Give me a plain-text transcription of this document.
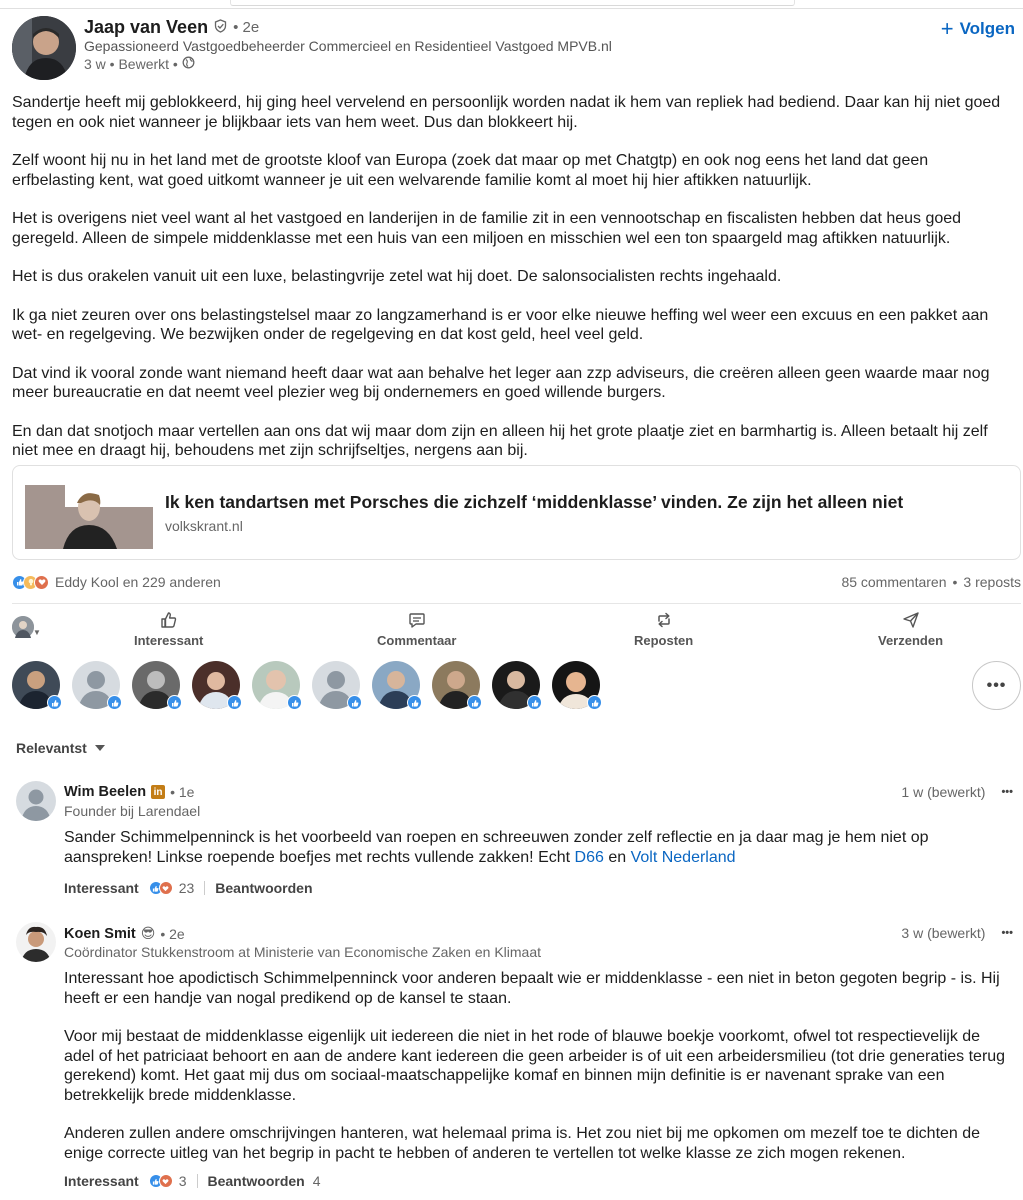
Jaap van Veen • 2e
Gepassioneerd Vastgoedbeheerder Commercieel en Residentieel Vastgoed MPVB.nl
3 w • Bewerkt •
+ Volgen

Sandertje heeft mij geblokkeerd, hij ging heel vervelend en persoonlijk worden nadat ik hem van repliek had bediend. Daar kan hij niet goed tegen en ook niet wanneer je blijkbaar iets van hem weet. Dus dan blokkeert hij.

Zelf woont hij nu in het land met de grootste kloof van Europa (zoek dat maar op met Chatgtp) en ook nog eens het land dat geen erfbelasting kent, wat goed uitkomt wanneer je uit een welvarende familie komt al moet hij hier aftikken natuurlijk.

Het is overigens niet veel want al het vastgoed en landerijen in de familie zit in een vennootschap en fiscalisten hebben dat heus goed geregeld. Alleen de simpele middenklasse met een huis van een miljoen en misschien wel een ton spaargeld mag aftikken natuurlijk.

Het is dus orakelen vanuit uit een luxe, belastingvrije zetel wat hij doet. De salonsocialisten rechts ingehaald.

Ik ga niet zeuren over ons belastingstelsel maar zo langzamerhand is er voor elke nieuwe heffing wel weer een excuus en een pakket aan wet- en regelgeving. We bezwijken onder de regelgeving en dat kost geld, heel veel geld.

Dat vind ik vooral zonde want niemand heeft daar wat aan behalve het leger aan zzp adviseurs, die creëren alleen geen waarde maar nog meer bureaucratie en dat neemt veel plezier weg bij ondernemers en goed willende burgers.

En dan dat snotjoch maar vertellen aan ons dat wij maar dom zijn en alleen hij het grote plaatje ziet en barmhartig is. Alleen betaalt hij zelf niet mee en draagt hij, behoudens met zijn schrijfseltjes, nergens aan bij.

Ik ken tandartsen met Porsches die zichzelf ‘middenklasse’ vinden. Ze zijn het alleen niet
volkskrant.nl
Eddy Kool en 229 anderen	85 commentaren • 3 reposts
▼
Interessant	Commentaar	Reposten	Verzenden
•••
Relevantst
Wim Beelen in • 1e
Founder bij Larendael
1 w (bewerkt) •••
Sander Schimmelpenninck is het voorbeeld van roepen en schreeuwen zonder zelf reflectie en ja daar mag je hem niet op aanspreken! Linkse roepende boefjes met rechts vullende zakken! Echt D66 en Volt Nederland
Interessant	23 Beantwoorden
Koen Smit 😎 • 2e
Coördinator Stukkenstroom at Ministerie van Economische Zaken en Klimaat
3 w (bewerkt) •••

Interessant hoe apodictisch Schimmelpenninck voor anderen bepaalt wie er middenklasse - een niet in beton gegoten begrip - is. Hij heeft er een handje van nogal predikend op de kansel te staan.

Voor mij bestaat de middenklasse eigenlijk uit iedereen die niet in het rode of blauwe boekje voorkomt, ofwel tot respectievelijk de adel of het patriciaat behoort en aan de andere kant iedereen die geen arbeider is of uit een arbeidersmilieu (tot drie generaties terug gerekend) komt. Het gaat mij dus om sociaal-maatschappelijke komaf en binnen mijn definitie is er navenant sprake van een betrekkelijk brede middenklasse.

Anderen zullen andere omschrijvingen hanteren, wat helemaal prima is. Het zou niet bij me opkomen om mezelf toe te dichten de enige correcte uitleg van het begrip in pacht te hebben of anderen te vertellen tot welke klasse ze zich mogen rekenen.

Interessant	3 Beantwoorden 4
